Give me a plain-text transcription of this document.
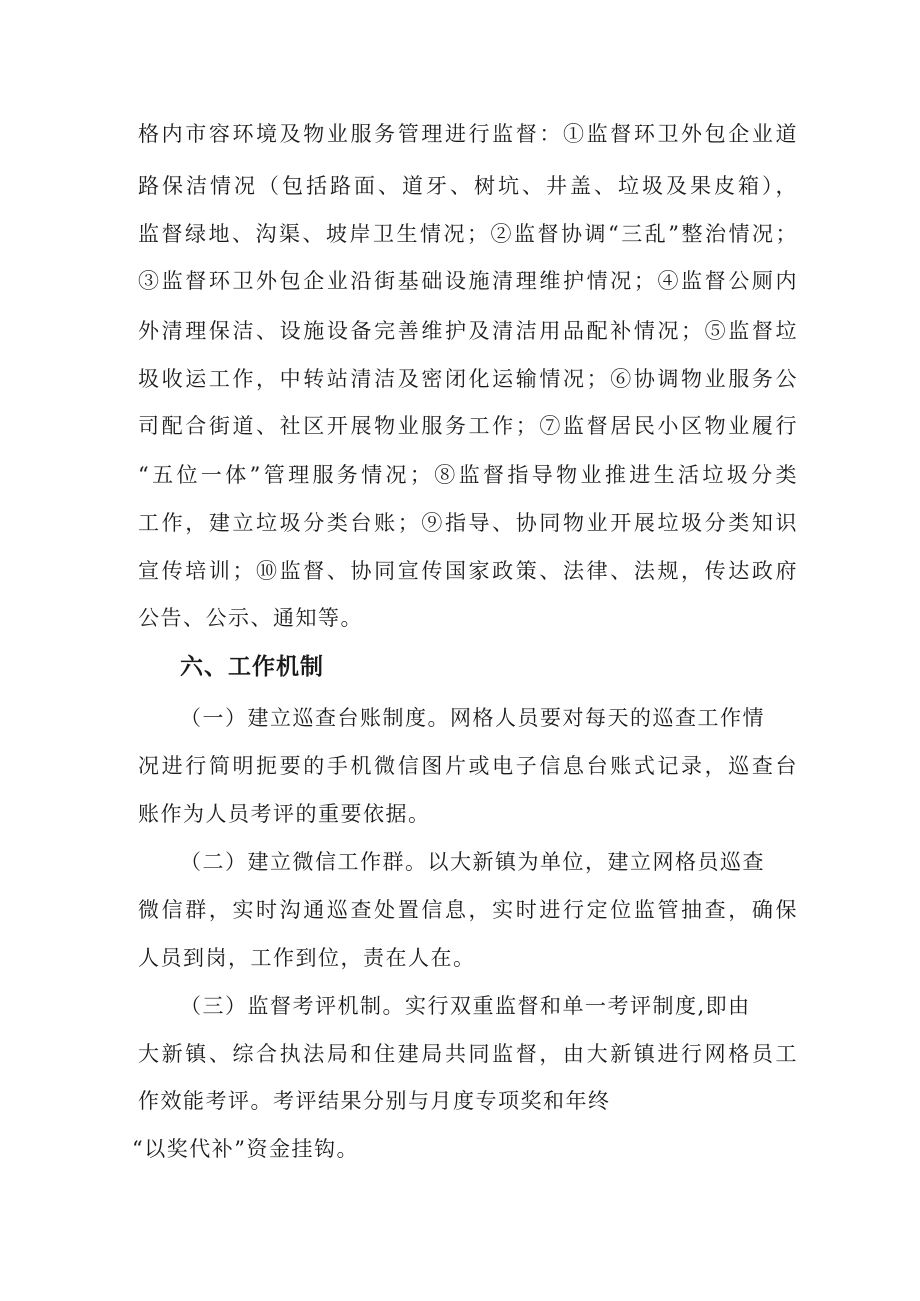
格内市容环境及物业服务管理进行监督：①监督环卫外包企业道
路保洁情况（包括路面、道牙、树坑、井盖、垃圾及果皮箱），
监督绿地、沟渠、坡岸卫生情况；②监督协调“三乱”整治情况；
③监督环卫外包企业沿街基础设施清理维护情况；④监督公厕内
外清理保洁、设施设备完善维护及清洁用品配补情况；⑤监督垃
圾收运工作，中转站清洁及密闭化运输情况；⑥协调物业服务公
司配合街道、社区开展物业服务工作；⑦监督居民小区物业履行
“五位一体”管理服务情况；⑧监督指导物业推进生活垃圾分类
工作，建立垃圾分类台账；⑨指导、协同物业开展垃圾分类知识
宣传培训；⑩监督、协同宣传国家政策、法律、法规，传达政府
公告、公示、通知等。
六、工作机制
（一）建立巡查台账制度。网格人员要对每天的巡查工作情
况进行简明扼要的手机微信图片或电子信息台账式记录，巡查台
账作为人员考评的重要依据。
（二）建立微信工作群。以大新镇为单位，建立网格员巡查
微信群，实时沟通巡查处置信息，实时进行定位监管抽查，确保
人员到岗，工作到位，责在人在。
（三）监督考评机制。实行双重监督和单一考评制度,即由
大新镇、综合执法局和住建局共同监督，由大新镇进行网格员工
作效能考评。考评结果分别与月度专项奖和年终
“以奖代补”资金挂钩。
